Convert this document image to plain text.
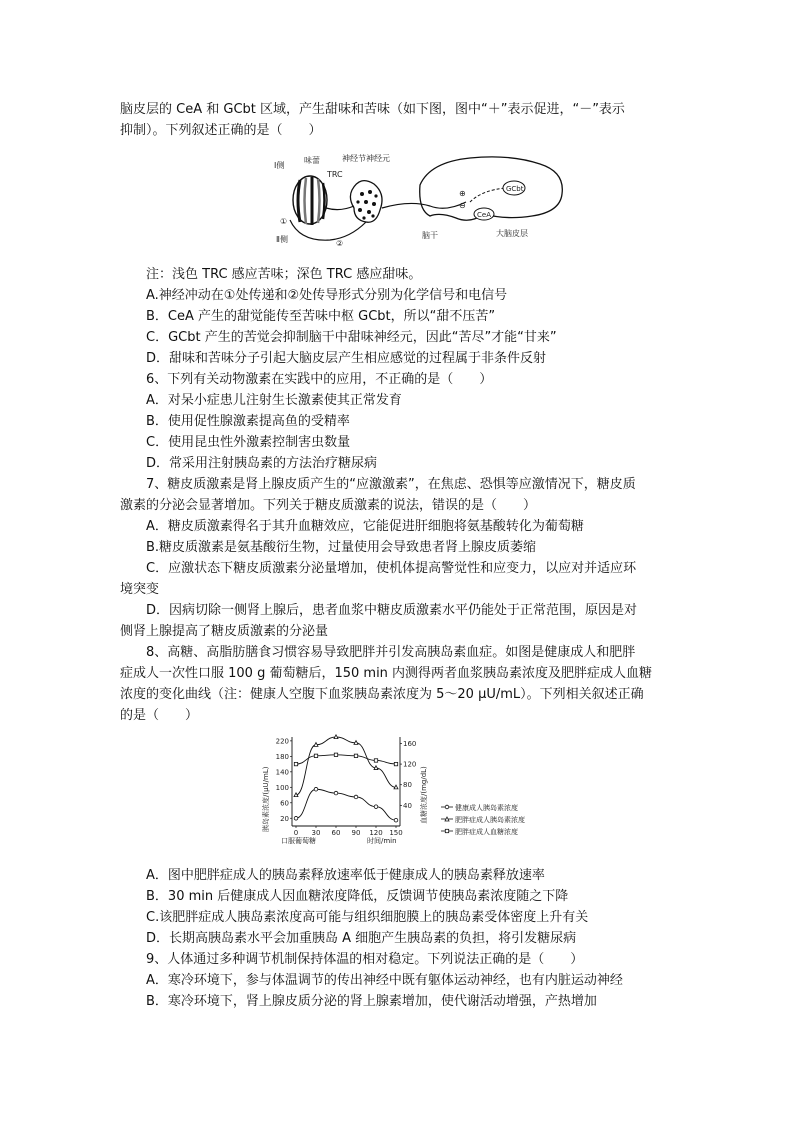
脑皮层的 CeA 和 GCbt 区域，产生甜味和苦味（如下图，图中“＋”表示促进，“－”表示
抑制）。下列叙述正确的是（　　）
Ⅰ侧
Ⅱ侧
味蕾
TRC
神经节神经元
①
②
GCbt
CeA
⊕
⊖
脑干	大脑皮层
注：浅色 TRC 感应苦味；深色 TRC 感应甜味。
A.神经冲动在①处传递和②处传导形式分别为化学信号和电信号
B．CeA 产生的甜觉能传至苦味中枢 GCbt，所以“甜不压苦”
C．GCbt 产生的苦觉会抑制脑干中甜味神经元，因此“苦尽”才能“甘来”
D．甜味和苦味分子引起大脑皮层产生相应感觉的过程属于非条件反射
6、下列有关动物激素在实践中的应用，不正确的是（　　）
A．对呆小症患儿注射生长激素使其正常发育
B．使用促性腺激素提高鱼的受精率
C．使用昆虫性外激素控制害虫数量
D．常采用注射胰岛素的方法治疗糖尿病
7、糖皮质激素是肾上腺皮质产生的“应激激素”，在焦虑、恐惧等应激情况下，糖皮质
激素的分泌会显著增加。下列关于糖皮质激素的说法，错误的是（　　）
A．糖皮质激素得名于其升血糖效应，它能促进肝细胞将氨基酸转化为葡萄糖
B.糖皮质激素是氨基酸衍生物，过量使用会导致患者肾上腺皮质萎缩
C．应激状态下糖皮质激素分泌量增加，使机体提高警觉性和应变力，以应对并适应环
境突变
D．因病切除一侧肾上腺后，患者血浆中糖皮质激素水平仍能处于正常范围，原因是对
侧肾上腺提高了糖皮质激素的分泌量
8、高糖、高脂肪膳食习惯容易导致肥胖并引发高胰岛素血症。如图是健康成人和肥胖
症成人一次性口服 100 g 葡萄糖后，150 min 内测得两者血浆胰岛素浓度及肥胖症成人血糖
浓度的变化曲线（注：健康人空腹下血浆胰岛素浓度为 5～20 μU/mL）。下列相关叙述正确
的是（　　）
胰岛素浓度/(μU/mL)	血糖浓度/(mg/dL)
0 30 60 90 120 150
20
60
100
140
180
220
40
80
120
160
口服葡萄糖	时间/min
健康成人胰岛素浓度
肥胖症成人胰岛素浓度
肥胖症成人血糖浓度
A．图中肥胖症成人的胰岛素释放速率低于健康成人的胰岛素释放速率
B．30 min 后健康成人因血糖浓度降低，反馈调节使胰岛素浓度随之下降
C.该肥胖症成人胰岛素浓度高可能与组织细胞膜上的胰岛素受体密度上升有关
D．长期高胰岛素水平会加重胰岛 A 细胞产生胰岛素的负担，将引发糖尿病
9、人体通过多种调节机制保持体温的相对稳定。下列说法正确的是（　　）
A．寒冷环境下，参与体温调节的传出神经中既有躯体运动神经，也有内脏运动神经
B．寒冷环境下，肾上腺皮质分泌的肾上腺素增加，使代谢活动增强，产热增加
